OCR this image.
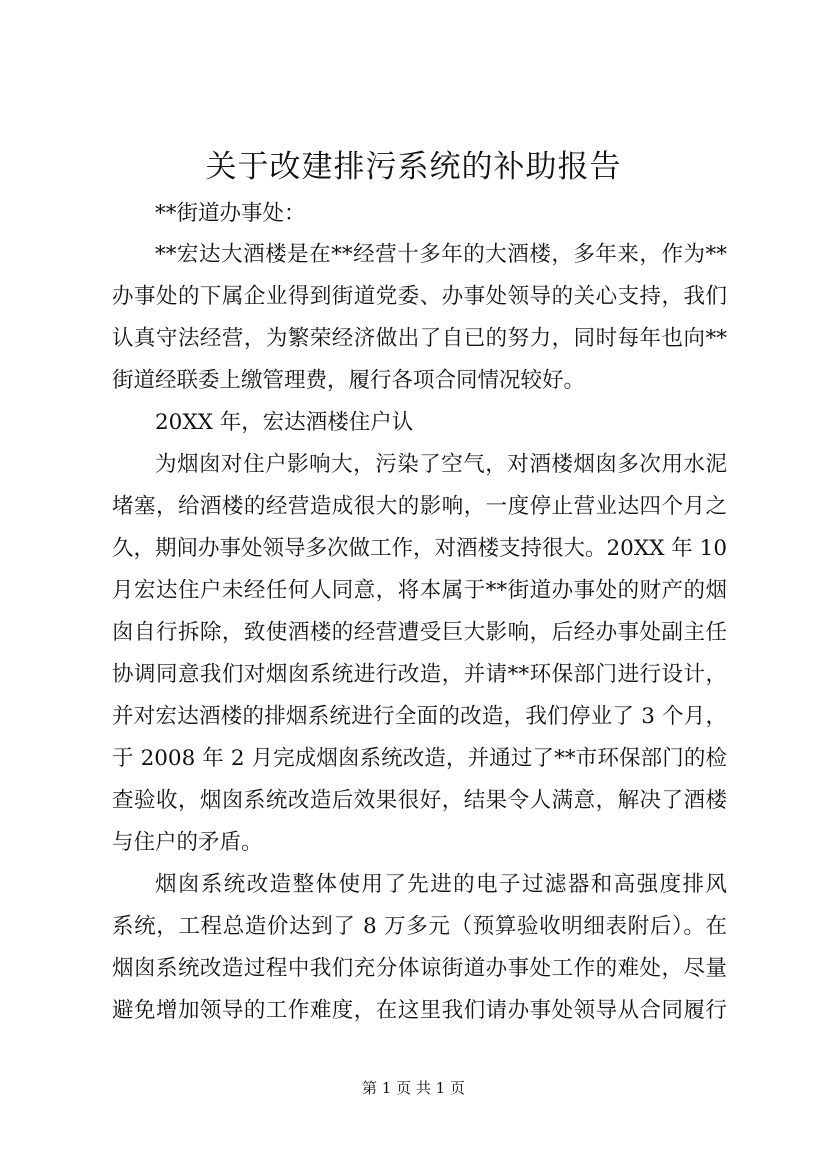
关于改建排污系统的补助报告
**街道办事处：
**宏达大酒楼是在**经营十多年的大酒楼，多年来，作为**
办事处的下属企业得到街道党委、办事处领导的关心支持，我们
认真守法经营，为繁荣经济做出了自已的努力，同时每年也向**
街道经联委上缴管理费，履行各项合同情况较好。
20XX 年，宏达酒楼住户认
为烟囱对住户影响大，污染了空气，对酒楼烟囱多次用水泥
堵塞，给酒楼的经营造成很大的影响，一度停止营业达四个月之
久，期间办事处领导多次做工作，对酒楼支持很大。20XX 年 10
月宏达住户未经任何人同意，将本属于**街道办事处的财产的烟
囱自行拆除，致使酒楼的经营遭受巨大影响，后经办事处副主任
协调同意我们对烟囱系统进行改造，并请**环保部门进行设计，
并对宏达酒楼的排烟系统进行全面的改造，我们停业了 3 个月，
于 2008 年 2 月完成烟囱系统改造，并通过了**市环保部门的检
查验收，烟囱系统改造后效果很好，结果令人满意，解决了酒楼
与住户的矛盾。
烟囱系统改造整体使用了先进的电子过滤器和高强度排风
系统，工程总造价达到了 8 万多元（预算验收明细表附后）。在
烟囱系统改造过程中我们充分体谅街道办事处工作的难处，尽量
避免增加领导的工作难度，在这里我们请办事处领导从合同履行
第 1 页 共 1 页
